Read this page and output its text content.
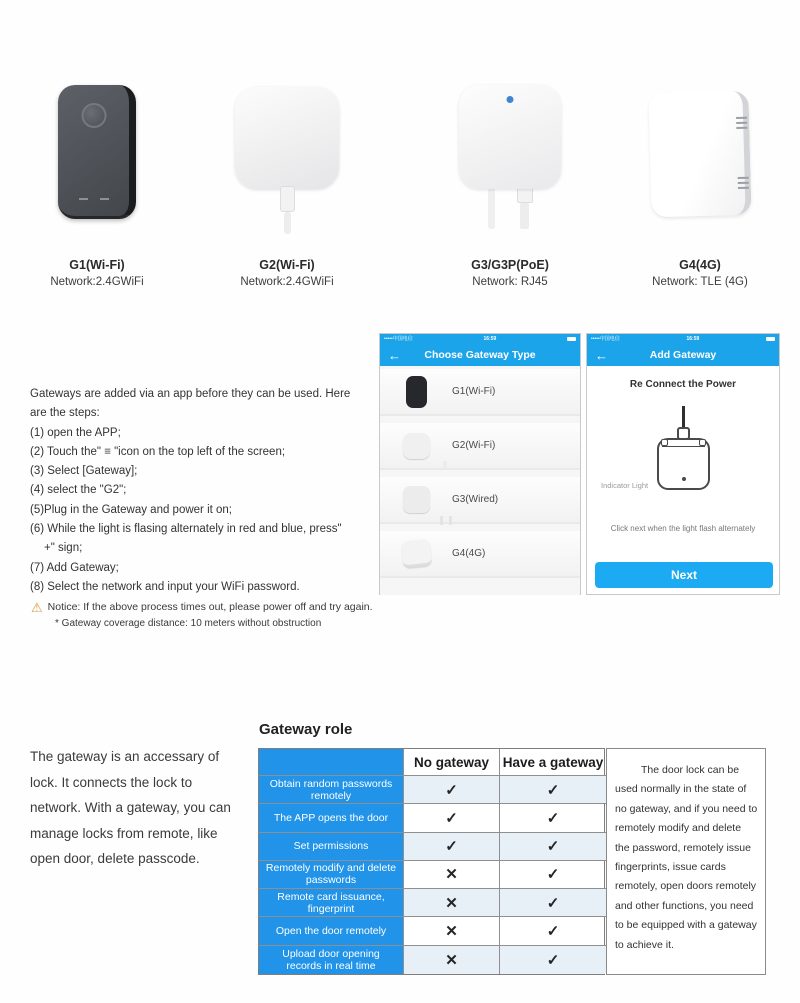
G1(Wi-Fi)
Network:2.4GWiFi
G2(Wi-Fi)
Network:2.4GWiFi
G3/G3P(PoE)
Network: RJ45
G4(4G)
Network: TLE (4G)
Gateways are added via an app before they can be used. Here
are the steps:
(1) open the APP;
(2) Touch the" ≡ "icon on the top left of the screen;
(3) Select [Gateway];
(4) select the "G2";
(5)Plug in the Gateway and power it on;
(6) While the light is flasing alternately in red and blue, press"
+" sign;
(7) Add Gateway;
(8) Select the network and input your WiFi password.
⚠ Notice: If the above process times out, please power off and try again.
* Gateway coverage distance: 10 meters without obstruction
•••••中国电信	16:59
←	Choose Gateway Type
G1(Wi-Fi)
G2(Wi-Fi)
G3(Wired)
G4(4G)
•••••中国电信	16:59
←	Add Gateway
Re Connect the Power
Indicator Light
Click next when the light flash alternately
Next
Gateway role
The gateway is an accessary of
lock. It connects the lock to
network. With a gateway, you can
manage locks from remote, like
open door, delete passcode.
No gateway	Have a gateway
Obtain random passwords remotely	✓	✓
The APP opens the door	✓	✓
Set permissions	✓	✓
Remotely modify and delete passwords	✕	✓
Remote card issuance, fingerprint	✕	✓
Open the door remotely	✕	✓
Upload door opening records in real time	✕	✓
The door lock can be
used normally in the state of
no gateway, and if you need to
remotely modify and delete
the password, remotely issue
fingerprints, issue cards
remotely, open doors remotely
and other functions, you need
to be equipped with a gateway
to achieve it.
